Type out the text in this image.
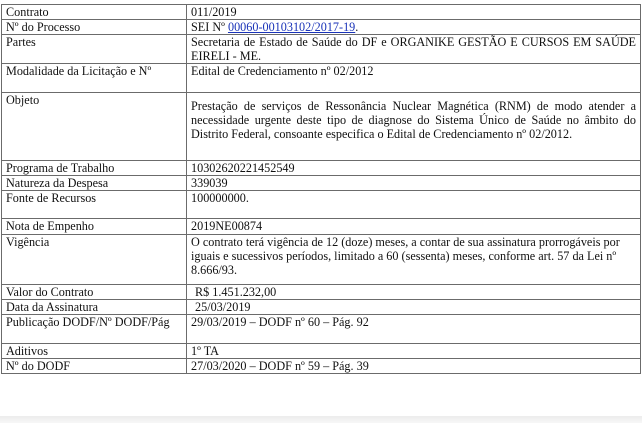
Contrato	011/2019
Nº do Processo	SEI Nº 00060-00103102/2017-19.
Partes	Secretaria de Estado de Saúde do DF e ORGANIKE GESTÃO E CURSOS EM SAÚDE EIRELI - ME.
Modalidade da Licitação e Nº	Edital de Credenciamento nº 02/2012
Objeto	Prestação de serviços de Ressonância Nuclear Magnética (RNM) de modo atender a necessidade urgente deste tipo de diagnose do Sistema Único de Saúde no âmbito do Distrito Federal, consoante especifica o Edital de Credenciamento nº 02/2012.
Programa de Trabalho	10302620221452549
Natureza da Despesa	339039
Fonte de Recursos	100000000.
Nota de Empenho	2019NE00874
Vigência	O contrato terá vigência de 12 (doze) meses, a contar de sua assinatura prorrogáveis por iguais e sucessivos períodos, limitado a 60 (sessenta) meses, conforme art. 57 da Lei nº 8.666/93.
Valor do Contrato	R$ 1.451.232,00
Data da Assinatura	25/03/2019
Publicação DODF/Nº DODF/Pág	29/03/2019 – DODF nº 60 – Pág. 92
Aditivos	1º TA
Nº do DODF	27/03/2020 – DODF nº 59 – Pág. 39
